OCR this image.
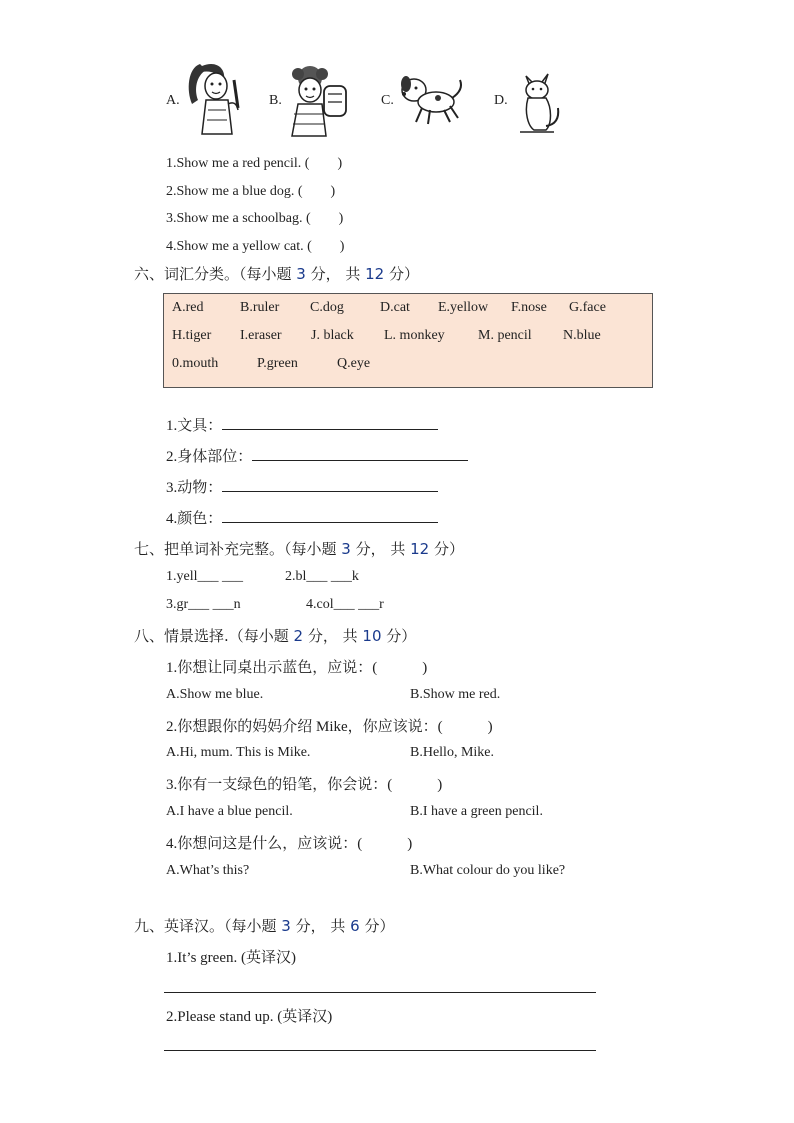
A.	B.	C.	D.
1.Show me a red pencil. (　　)
2.Show me a blue dog. (　　)
3.Show me a schoolbag. (　　)
4.Show me a yellow cat. (　　)
六、词汇分类。（每小题 3 分， 共 12 分）
A.red	B.ruler C.dog	D.cat E.yellow F.nose G.face
H.tiger I.eraser J. black L. monkey M. pencil N.blue
0.mouth	P.green	Q.eye
1.文具：
2.身体部位：
3.动物：
4.颜色：
七、把单词补充完整。（每小题 3 分， 共 12 分）
1.yell___ ___	2.bl___ ___k
3.gr___ ___n	4.col___ ___r
八、情景选择.（每小题 2 分， 共 10 分）
1.你想让同桌出示蓝色，应说：(　　　)
A.Show me blue.	B.Show me red.
2.你想跟你的妈妈介绍 Mike，你应该说：(　　　)
A.Hi, mum. This is Mike.	B.Hello, Mike.
3.你有一支绿色的铅笔，你会说：(　　　)
A.I have a blue pencil.	B.I have a green pencil.
4.你想问这是什么，应该说：(　　　)
A.What’s this?	B.What colour do you like?
九、英译汉。（每小题 3 分， 共 6 分）
1.It’s green. (英译汉)
2.Please stand up. (英译汉)
